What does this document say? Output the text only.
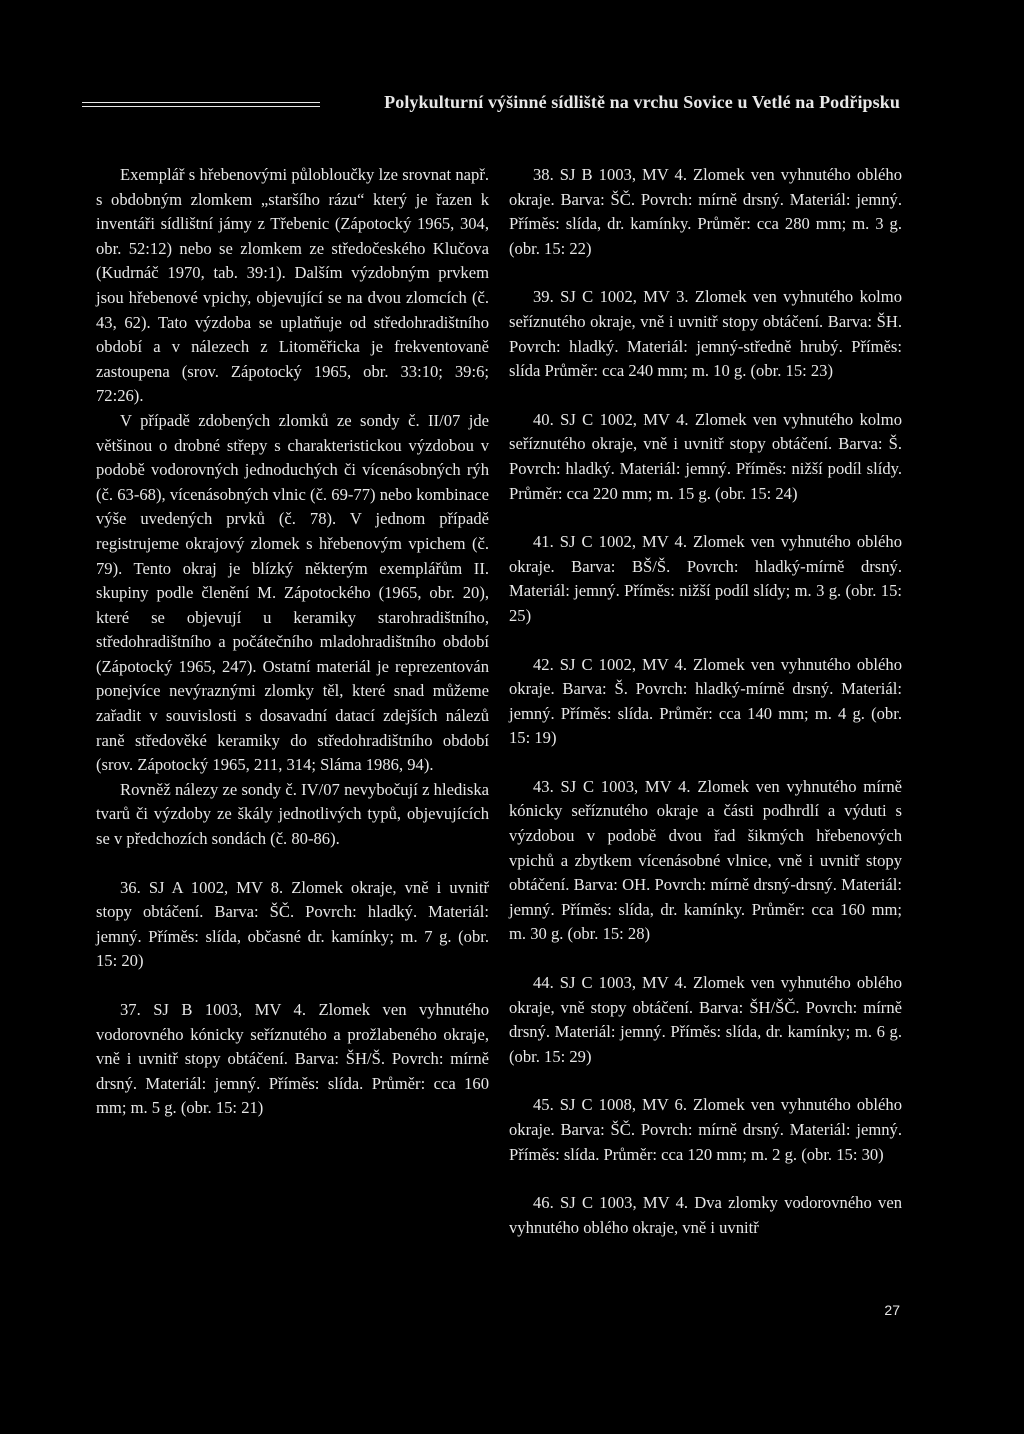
Polykulturní výšinné sídliště na vrchu Sovice u Vetlé na Podřipsku

Exemplář s hřebenovými půlobloučky lze srovnat např. s obdobným zlomkem „staršího rázu“ který je řazen k inventáři sídlištní jámy z Třebenic (Zápotocký 1965, 304, obr. 52:12) nebo se zlomkem ze středočeského Klučova (Kudrnáč 1970, tab. 39:1). Dalším výzdobným prvkem jsou hřebenové vpichy, objevující se na dvou zlomcích (č. 43, 62). Tato výzdoba se uplatňuje od středohradištního období a v nálezech z Litoměřicka je frekventovaně zastoupena (srov. Zápotocký 1965, obr. 33:10; 39:6; 72:26).

V případě zdobených zlomků ze sondy č. II/07 jde většinou o drobné střepy s charakteristickou výzdobou v podobě vodorovných jednoduchých či vícenásobných rýh (č. 63-68), vícenásobných vlnic (č. 69-77) nebo kombinace výše uvedených prvků (č. 78). V jednom případě registrujeme okrajový zlomek s hřebenovým vpichem (č. 79). Tento okraj je blízký některým exemplářům II. skupiny podle členění M. Zápotockého (1965, obr. 20), které se objevují u keramiky starohradištního, středohradištního a počátečního mladohradištního období (Zápotocký 1965, 247). Ostatní materiál je reprezentován ponejvíce nevýraznými zlomky těl, které snad můžeme zařadit v souvislosti s dosavadní datací zdejších nálezů raně středověké keramiky do středohradištního období (srov. Zápotocký 1965, 211, 314; Sláma 1986, 94).

Rovněž nálezy ze sondy č. IV/07 nevybočují z hlediska tvarů či výzdoby ze škály jednotlivých typů, objevujících se v předchozích sondách (č. 80-86).

36. SJ A 1002, MV 8. Zlomek okraje, vně i uvnitř stopy obtáčení. Barva: ŠČ. Povrch: hladký. Materiál: jemný. Příměs: slída, občasné dr. kamínky; m. 7 g. (obr. 15: 20)

37. SJ B 1003, MV 4. Zlomek ven vyhnutého vodorovného kónicky seříznutého a prožlabeného okraje, vně i uvnitř stopy obtáčení. Barva: ŠH/Š. Povrch: mírně drsný. Materiál: jemný. Příměs: slída. Průměr: cca 160 mm; m. 5 g. (obr. 15: 21)

38. SJ B 1003, MV 4. Zlomek ven vyhnutého oblého okraje. Barva: ŠČ. Povrch: mírně drsný. Materiál: jemný. Příměs: slída, dr. kamínky. Průměr: cca 280 mm; m. 3 g. (obr. 15: 22)

39. SJ C 1002, MV 3. Zlomek ven vyhnutého kolmo seříznutého okraje, vně i uvnitř stopy obtáčení. Barva: ŠH. Povrch: hladký. Materiál: jemný-středně hrubý. Příměs: slída Průměr: cca 240 mm; m. 10 g. (obr. 15: 23)

40. SJ C 1002, MV 4. Zlomek ven vyhnutého kolmo seříznutého okraje, vně i uvnitř stopy obtáčení. Barva: Š. Povrch: hladký. Materiál: jemný. Příměs: nižší podíl slídy. Průměr: cca 220 mm; m. 15 g. (obr. 15: 24)

41. SJ C 1002, MV 4. Zlomek ven vyhnutého oblého okraje. Barva: BŠ/Š. Povrch: hladký-mírně drsný. Materiál: jemný. Příměs: nižší podíl slídy; m. 3 g. (obr. 15: 25)

42. SJ C 1002, MV 4. Zlomek ven vyhnutého oblého okraje. Barva: Š. Povrch: hladký-mírně drsný. Materiál: jemný. Příměs: slída. Průměr: cca 140 mm; m. 4 g. (obr. 15: 19)

43. SJ C 1003, MV 4. Zlomek ven vyhnutého mírně kónicky seříznutého okraje a části podhrdlí a výduti s výzdobou v podobě dvou řad šikmých hřebenových vpichů a zbytkem vícenásobné vlnice, vně i uvnitř stopy obtáčení. Barva: OH. Povrch: mírně drsný-drsný. Materiál: jemný. Příměs: slída, dr. kamínky. Průměr: cca 160 mm; m. 30 g. (obr. 15: 28)

44. SJ C 1003, MV 4. Zlomek ven vyhnutého oblého okraje, vně stopy obtáčení. Barva: ŠH/ŠČ. Povrch: mírně drsný. Materiál: jemný. Příměs: slída, dr. kamínky; m. 6 g. (obr. 15: 29)

45. SJ C 1008, MV 6. Zlomek ven vyhnutého oblého okraje. Barva: ŠČ. Povrch: mírně drsný. Materiál: jemný. Příměs: slída. Průměr: cca 120 mm; m. 2 g. (obr. 15: 30)

46. SJ C 1003, MV 4. Dva zlomky vodorovného ven vyhnutého oblého okraje, vně i uvnitř

27
